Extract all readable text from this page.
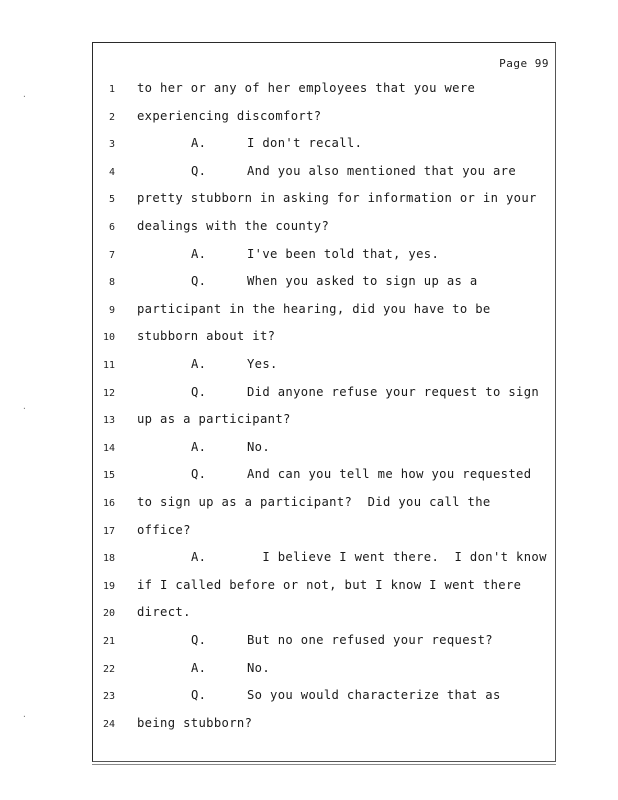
Page 99
1 to her or any of her employees that you were
2 experiencing discomfort?
3	A.	I don't recall.
4	Q.	And you also mentioned that you are
5 pretty stubborn in asking for information or in your
6 dealings with the county?
7	A.	I've been told that, yes.
8	Q.	When you asked to sign up as a
9 participant in the hearing, did you have to be
10 stubborn about it?
11	A.	Yes.
12	Q.	Did anyone refuse your request to sign
13 up as a participant?
14	A.	No.
15	Q.	And can you tell me how you requested
16 to sign up as a participant?  Did you call the
17 office?
18	A.	I believe I went there.  I don't know
19 if I called before or not, but I know I went there
20 direct.
21	Q.	But no one refused your request?
22	A.	No.
23	Q.	So you would characterize that as
24 being stubborn?
·
·
·
